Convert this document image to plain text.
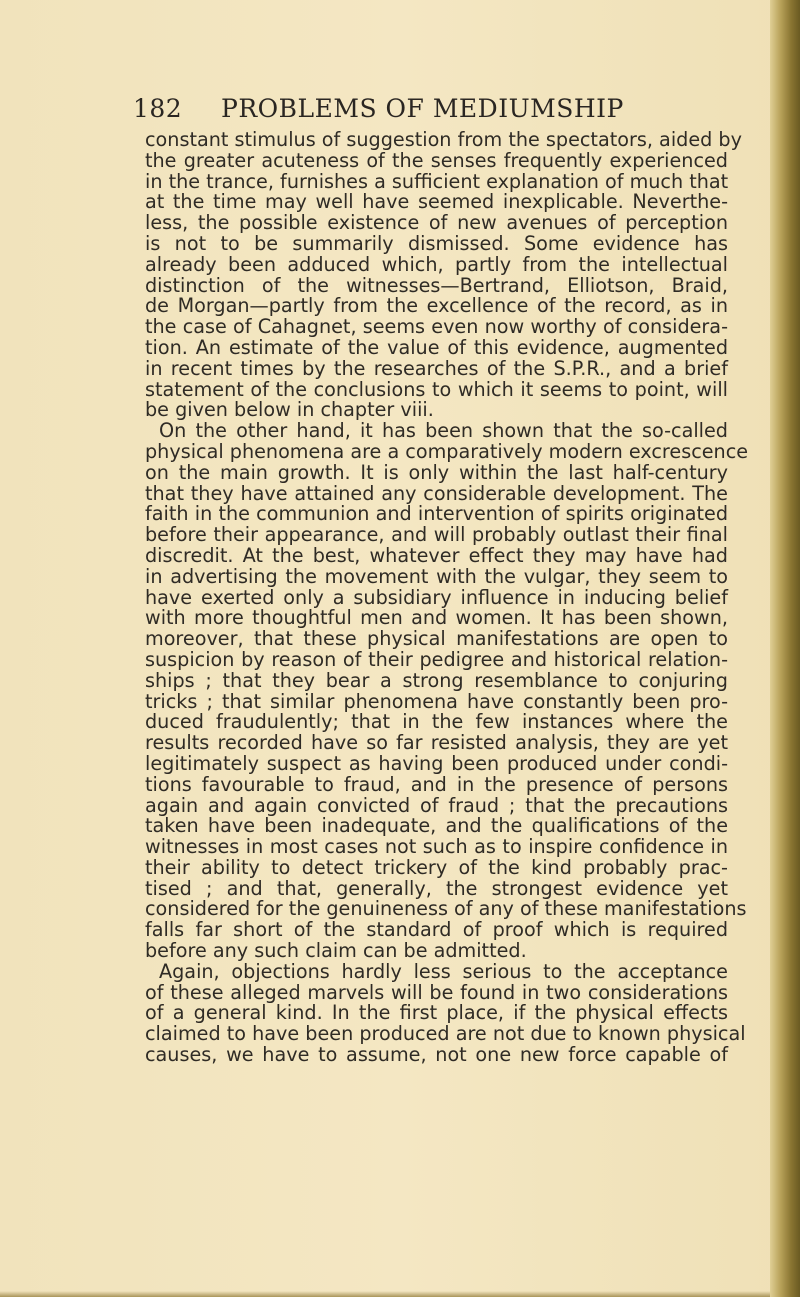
182	PROBLEMS OF MEDIUMSHIP
constant stimulus of suggestion from the spectators, aided by
the greater acuteness of the senses frequently experienced
in the trance, furnishes a sufficient explanation of much that
at the time may well have seemed inexplicable. Neverthe-
less, the possible existence of new avenues of perception
is not to be summarily dismissed. Some evidence has
already been adduced which, partly from the intellectual
distinction of the witnesses—Bertrand, Elliotson, Braid,
de Morgan—partly from the excellence of the record, as in
the case of Cahagnet, seems even now worthy of considera-
tion. An estimate of the value of this evidence, augmented
in recent times by the researches of the S.P.R., and a brief
statement of the conclusions to which it seems to point, will
be given below in chapter viii.
On the other hand, it has been shown that the so-called
physical phenomena are a comparatively modern excrescence
on the main growth. It is only within the last half-century
that they have attained any considerable development. The
faith in the communion and intervention of spirits originated
before their appearance, and will probably outlast their final
discredit. At the best, whatever effect they may have had
in advertising the movement with the vulgar, they seem to
have exerted only a subsidiary influence in inducing belief
with more thoughtful men and women. It has been shown,
moreover, that these physical manifestations are open to
suspicion by reason of their pedigree and historical relation-
ships ; that they bear a strong resemblance to conjuring
tricks ; that similar phenomena have constantly been pro-
duced fraudulently; that in the few instances where the
results recorded have so far resisted analysis, they are yet
legitimately suspect as having been produced under condi-
tions favourable to fraud, and in the presence of persons
again and again convicted of fraud ; that the precautions
taken have been inadequate, and the qualifications of the
witnesses in most cases not such as to inspire confidence in
their ability to detect trickery of the kind probably prac-
tised ; and that, generally, the strongest evidence yet
considered for the genuineness of any of these manifestations
falls far short of the standard of proof which is required
before any such claim can be admitted.
Again, objections hardly less serious to the acceptance
of these alleged marvels will be found in two considerations
of a general kind. In the first place, if the physical effects
claimed to have been produced are not due to known physical
causes, we have to assume, not one new force capable of
